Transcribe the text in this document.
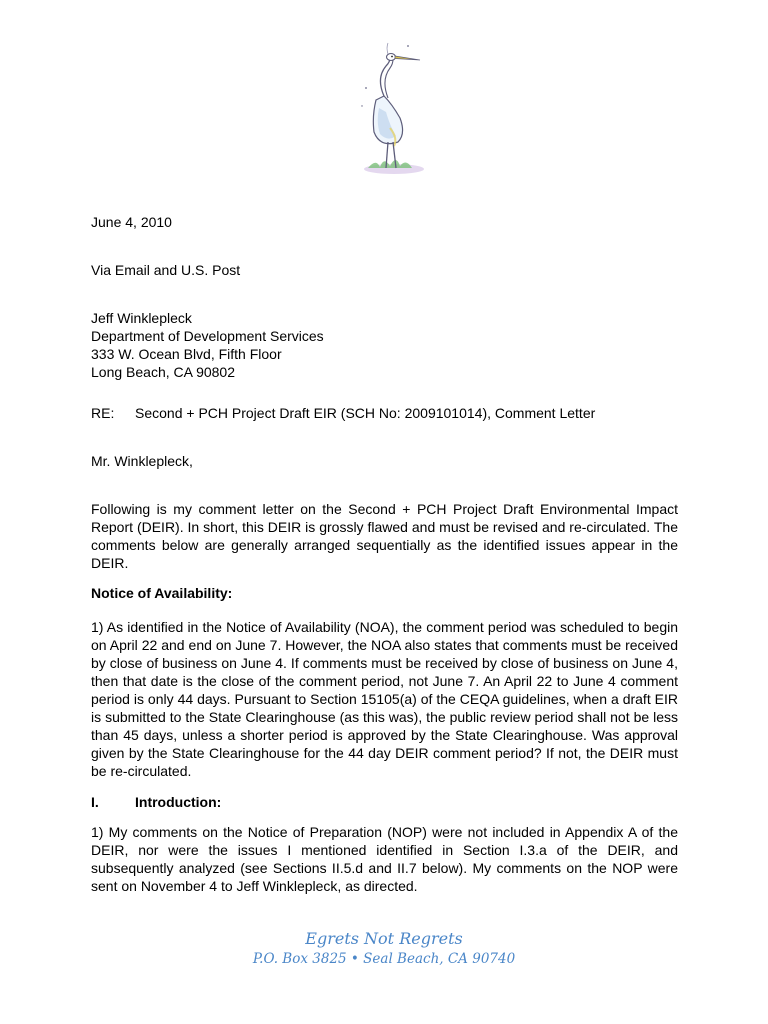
June 4, 2010

Via Email and U.S. Post

Jeff Winklepleck
Department of Development Services
333 W. Ocean Blvd, Fifth Floor
Long Beach, CA 90802

RE: Second + PCH Project Draft EIR (SCH No: 2009101014), Comment Letter

Mr. Winklepleck,

Following is my comment letter on the Second + PCH Project Draft Environmental Impact Report (DEIR). In short, this DEIR is grossly flawed and must be revised and re-circulated. The comments below are generally arranged sequentially as the identified issues appear in the DEIR.

Notice of Availability:

1) As identified in the Notice of Availability (NOA), the comment period was scheduled to begin on April 22 and end on June 7. However, the NOA also states that comments must be received by close of business on June 4. If comments must be received by close of business on June 4, then that date is the close of the comment period, not June 7. An April 22 to June 4 comment period is only 44 days. Pursuant to Section 15105(a) of the CEQA guidelines, when a draft EIR is submitted to the State Clearinghouse (as this was), the public review period shall not be less than 45 days, unless a shorter period is approved by the State Clearinghouse. Was approval given by the State Clearinghouse for the 44 day DEIR comment period? If not, the DEIR must be re-circulated.

I.	Introduction:

1) My comments on the Notice of Preparation (NOP) were not included in Appendix A of the DEIR, nor were the issues I mentioned identified in Section I.3.a of the DEIR, and subsequently analyzed (see Sections II.5.d and II.7 below). My comments on the NOP were sent on November 4 to Jeff Winklepleck, as directed.

Egrets Not Regrets
P.O. Box 3825 • Seal Beach, CA 90740
